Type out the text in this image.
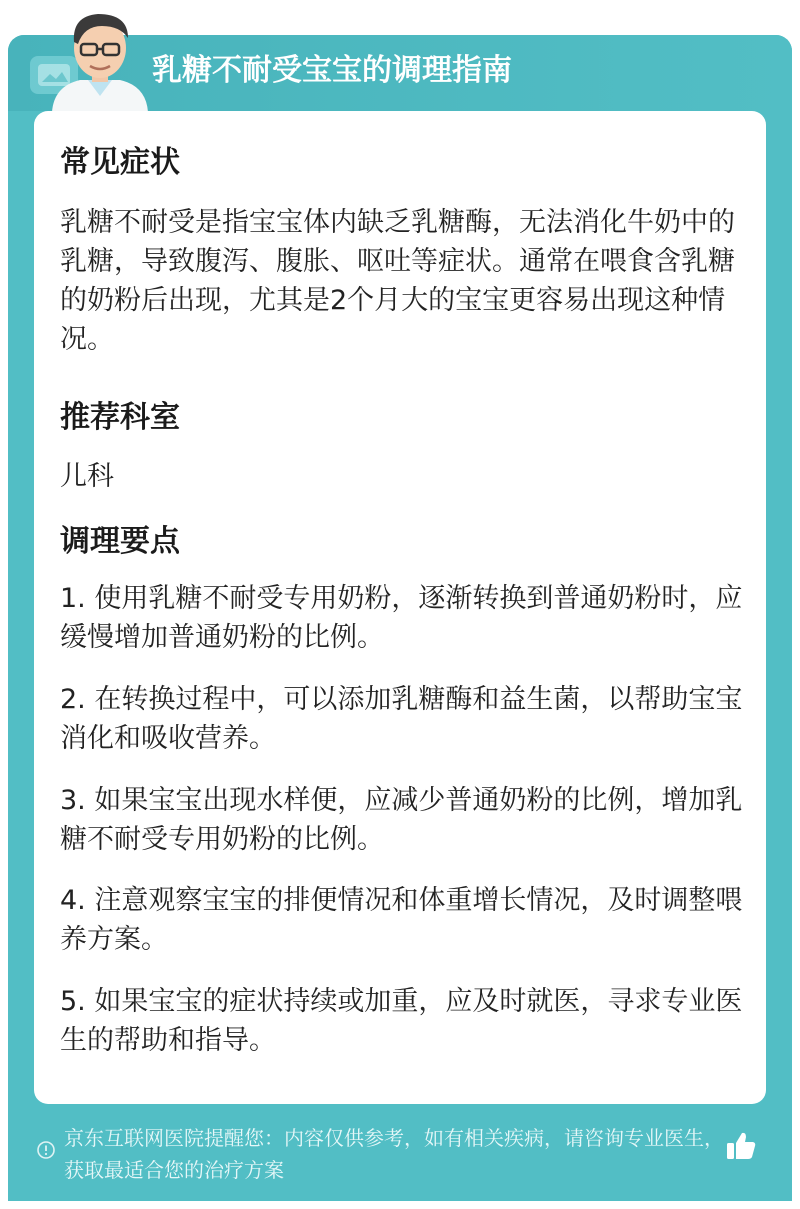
乳糖不耐受宝宝的调理指南
常见症状
乳糖不耐受是指宝宝体内缺乏乳糖酶，无法消化牛奶中的乳糖，导致腹泻、腹胀、呕吐等症状。通常在喂食含乳糖的奶粉后出现，尤其是2个月大的宝宝更容易出现这种情况。
推荐科室
儿科
调理要点
1. 使用乳糖不耐受专用奶粉，逐渐转换到普通奶粉时，应缓慢增加普通奶粉的比例。
2. 在转换过程中，可以添加乳糖酶和益生菌，以帮助宝宝消化和吸收营养。
3. 如果宝宝出现水样便，应减少普通奶粉的比例，增加乳糖不耐受专用奶粉的比例。
4. 注意观察宝宝的排便情况和体重增长情况，及时调整喂养方案。
5. 如果宝宝的症状持续或加重，应及时就医，寻求专业医生的帮助和指导。
京东互联网医院提醒您：内容仅供参考，如有相关疾病，请咨询专业医生，获取最适合您的治疗方案
